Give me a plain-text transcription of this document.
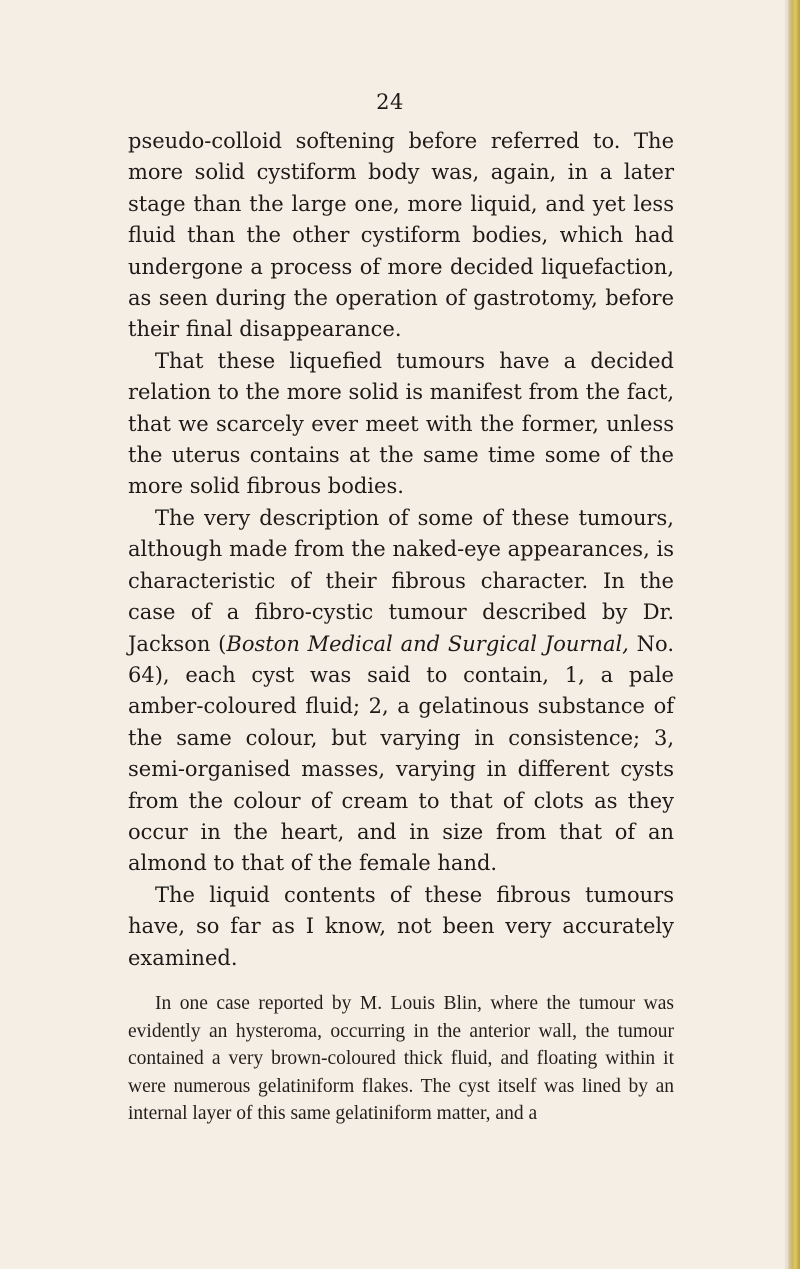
24

pseudo-colloid softening before referred to. The more solid cystiform body was, again, in a later stage than the large one, more liquid, and yet less fluid than the other cystiform bodies, which had undergone a process of more decided liquefaction, as seen during the operation of gastrotomy, before their final disappearance.

That these liquefied tumours have a decided relation to the more solid is manifest from the fact, that we scarcely ever meet with the former, unless the uterus contains at the same time some of the more solid fibrous bodies.

The very description of some of these tumours, although made from the naked-eye appearances, is characteristic of their fibrous character. In the case of a fibro-cystic tumour described by Dr. Jackson (Boston Medical and Surgical Journal, No. 64), each cyst was said to contain, 1, a pale amber-coloured fluid; 2, a gelatinous substance of the same colour, but varying in consistence; 3, semi-organised masses, varying in different cysts from the colour of cream to that of clots as they occur in the heart, and in size from that of an almond to that of the female hand.

The liquid contents of these fibrous tumours have, so far as I know, not been very accurately examined.

In one case reported by M. Louis Blin, where the tumour was evidently an hysteroma, occurring in the anterior wall, the tumour contained a very brown-coloured thick fluid, and floating within it were numerous gelatiniform flakes. The cyst itself was lined by an internal layer of this same gelatiniform matter, and a
